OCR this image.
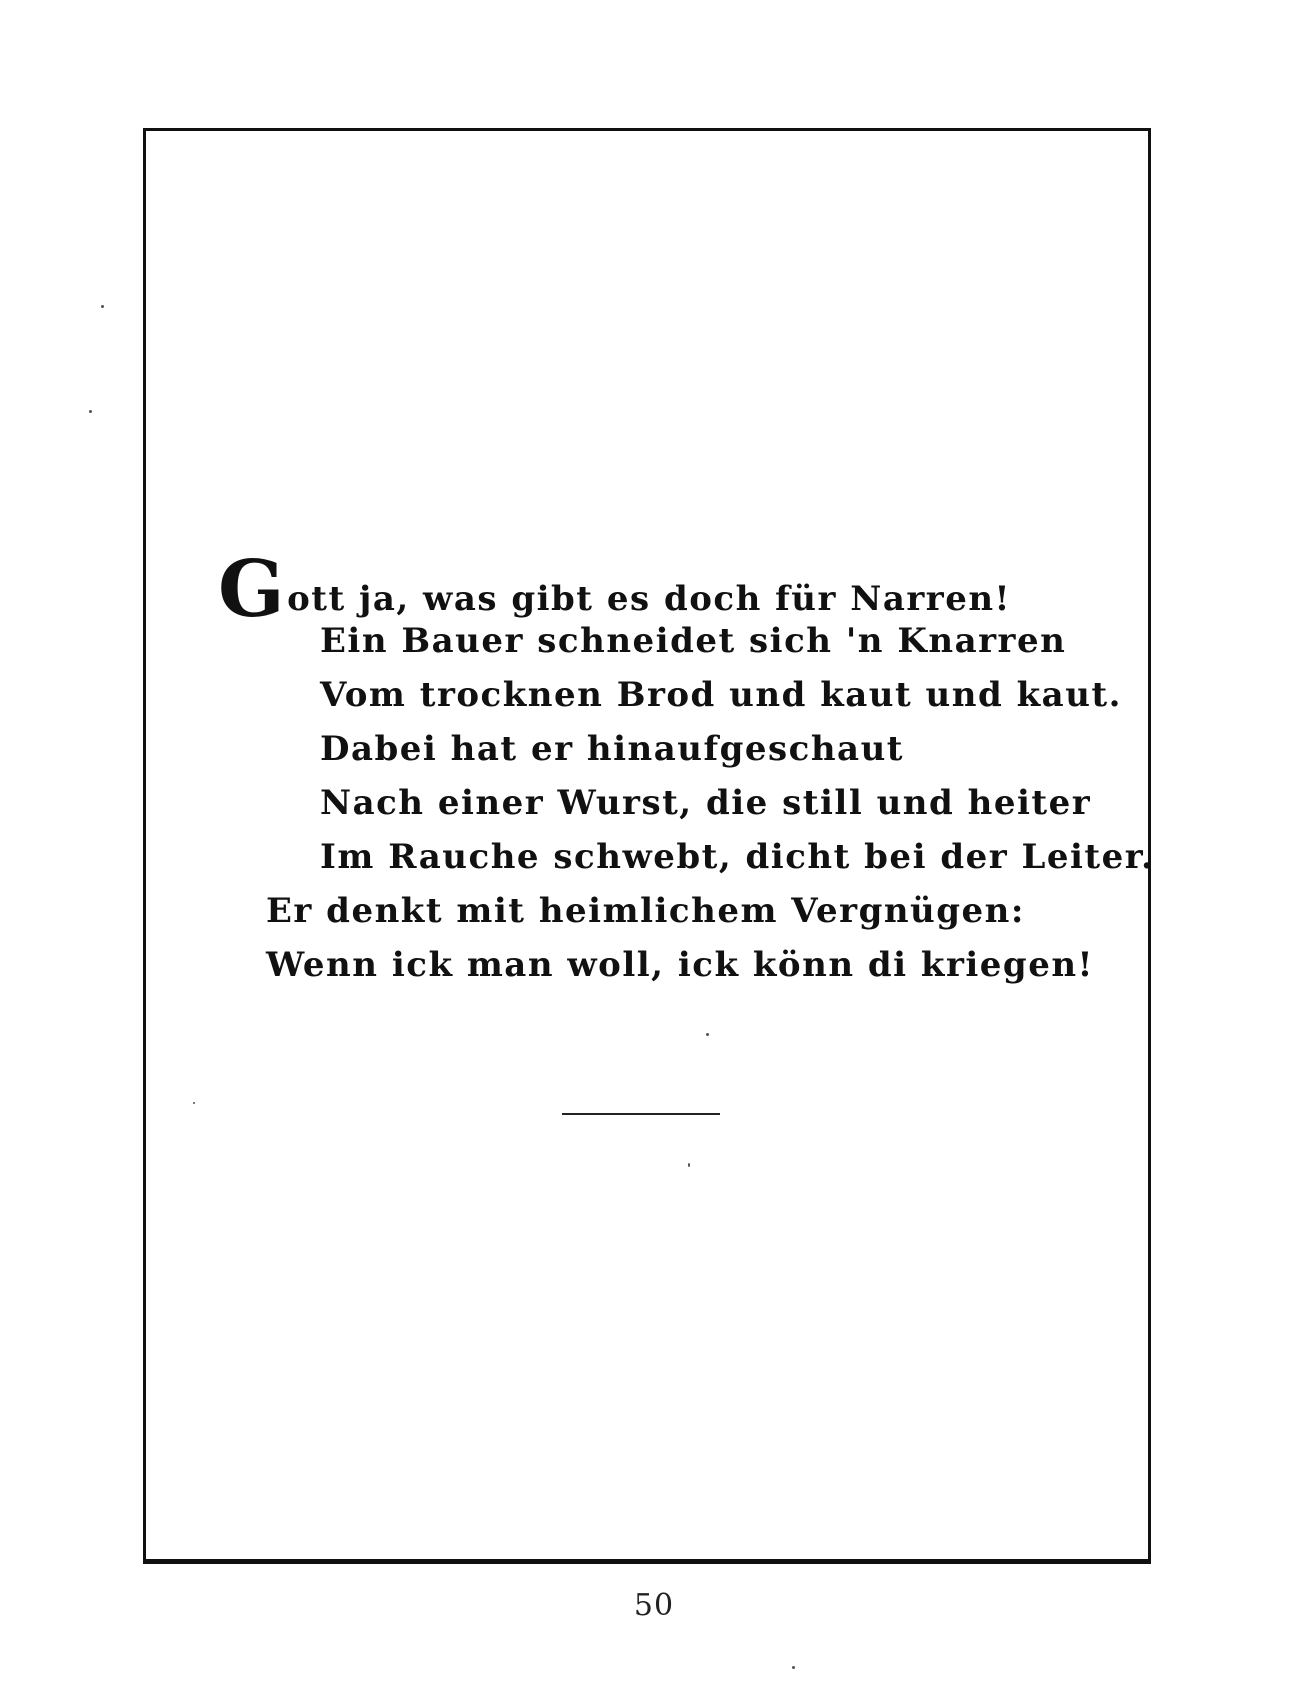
Gott ja, was gibt es doch für Narren!
Ein Bauer schneidet sich 'n Knarren
Vom trocknen Brod und kaut und kaut.
Dabei hat er hinaufgeschaut
Nach einer Wurst, die still und heiter
Im Rauche schwebt, dicht bei der Leiter.
Er denkt mit heimlichem Vergnügen:
Wenn ick man woll, ick könn di kriegen!
50
